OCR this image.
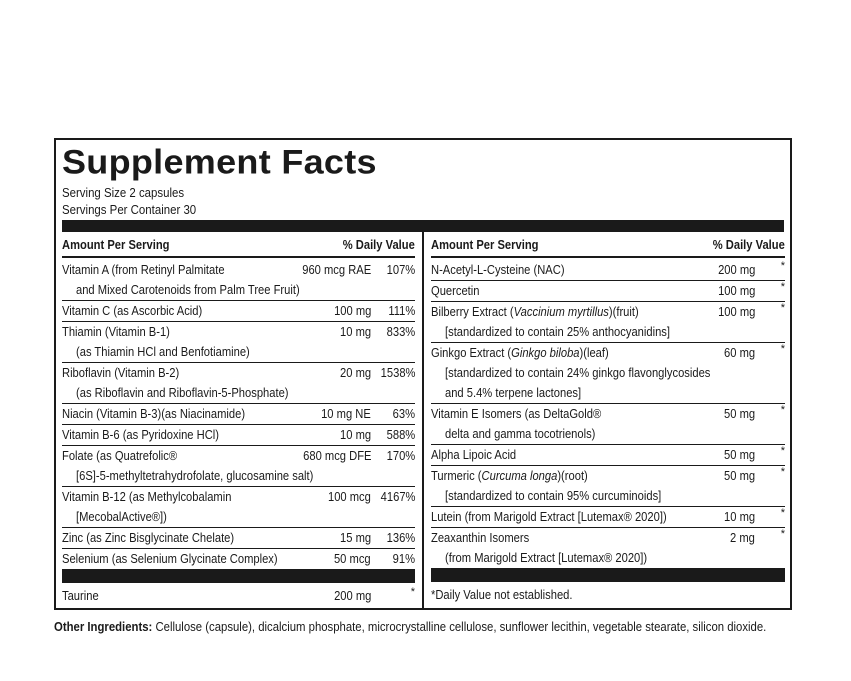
Supplement Facts
Serving Size 2 capsules
Servings Per Container 30
Amount Per Serving	% Daily Value
Vitamin A (from Retinyl Palmitate	960 mcg RAE 107%
and Mixed Carotenoids from Palm Tree Fruit)
Vitamin C (as Ascorbic Acid)	100 mg 111%
Thiamin (Vitamin B-1)	10 mg 833%
(as Thiamin HCl and Benfotiamine)
Riboflavin (Vitamin B-2)	20 mg 1538%
(as Riboflavin and Riboflavin-5-Phosphate)
Niacin (Vitamin B-3)(as Niacinamide)	10 mg NE 63%
Vitamin B-6 (as Pyridoxine HCl)	10 mg 588%
Folate (as Quatrefolic®	680 mcg DFE 170%
[6S]-5-methyltetrahydrofolate, glucosamine salt)
Vitamin B-12 (as Methylcobalamin	100 mcg 4167%
[MecobalActive®])
Zinc (as Zinc Bisglycinate Chelate)	15 mg 136%
Selenium (as Selenium Glycinate Complex)	50 mcg 91%
Taurine	200 mg	*
Amount Per Serving	% Daily Value
N-Acetyl-L-Cysteine (NAC)	200 mg *
Quercetin	100 mg *
Bilberry Extract (Vaccinium myrtillus)(fruit)	100 mg *
[standardized to contain 25% anthocyanidins]
Ginkgo Extract (Ginkgo biloba)(leaf)	60 mg *
[standardized to contain 24% ginkgo flavonglycosides
and 5.4% terpene lactones]
Vitamin E Isomers (as DeltaGold®	50 mg *
delta and gamma tocotrienols)
Alpha Lipoic Acid	50 mg *
Turmeric (Curcuma longa)(root)	50 mg *
[standardized to contain 95% curcuminoids]
Lutein (from Marigold Extract [Lutemax® 2020])	10 mg *
Zeaxanthin Isomers	2 mg *
(from Marigold Extract [Lutemax® 2020])
*Daily Value not established.
Other Ingredients: Cellulose (capsule), dicalcium phosphate, microcrystalline cellulose, sunflower lecithin, vegetable stearate, silicon dioxide.
